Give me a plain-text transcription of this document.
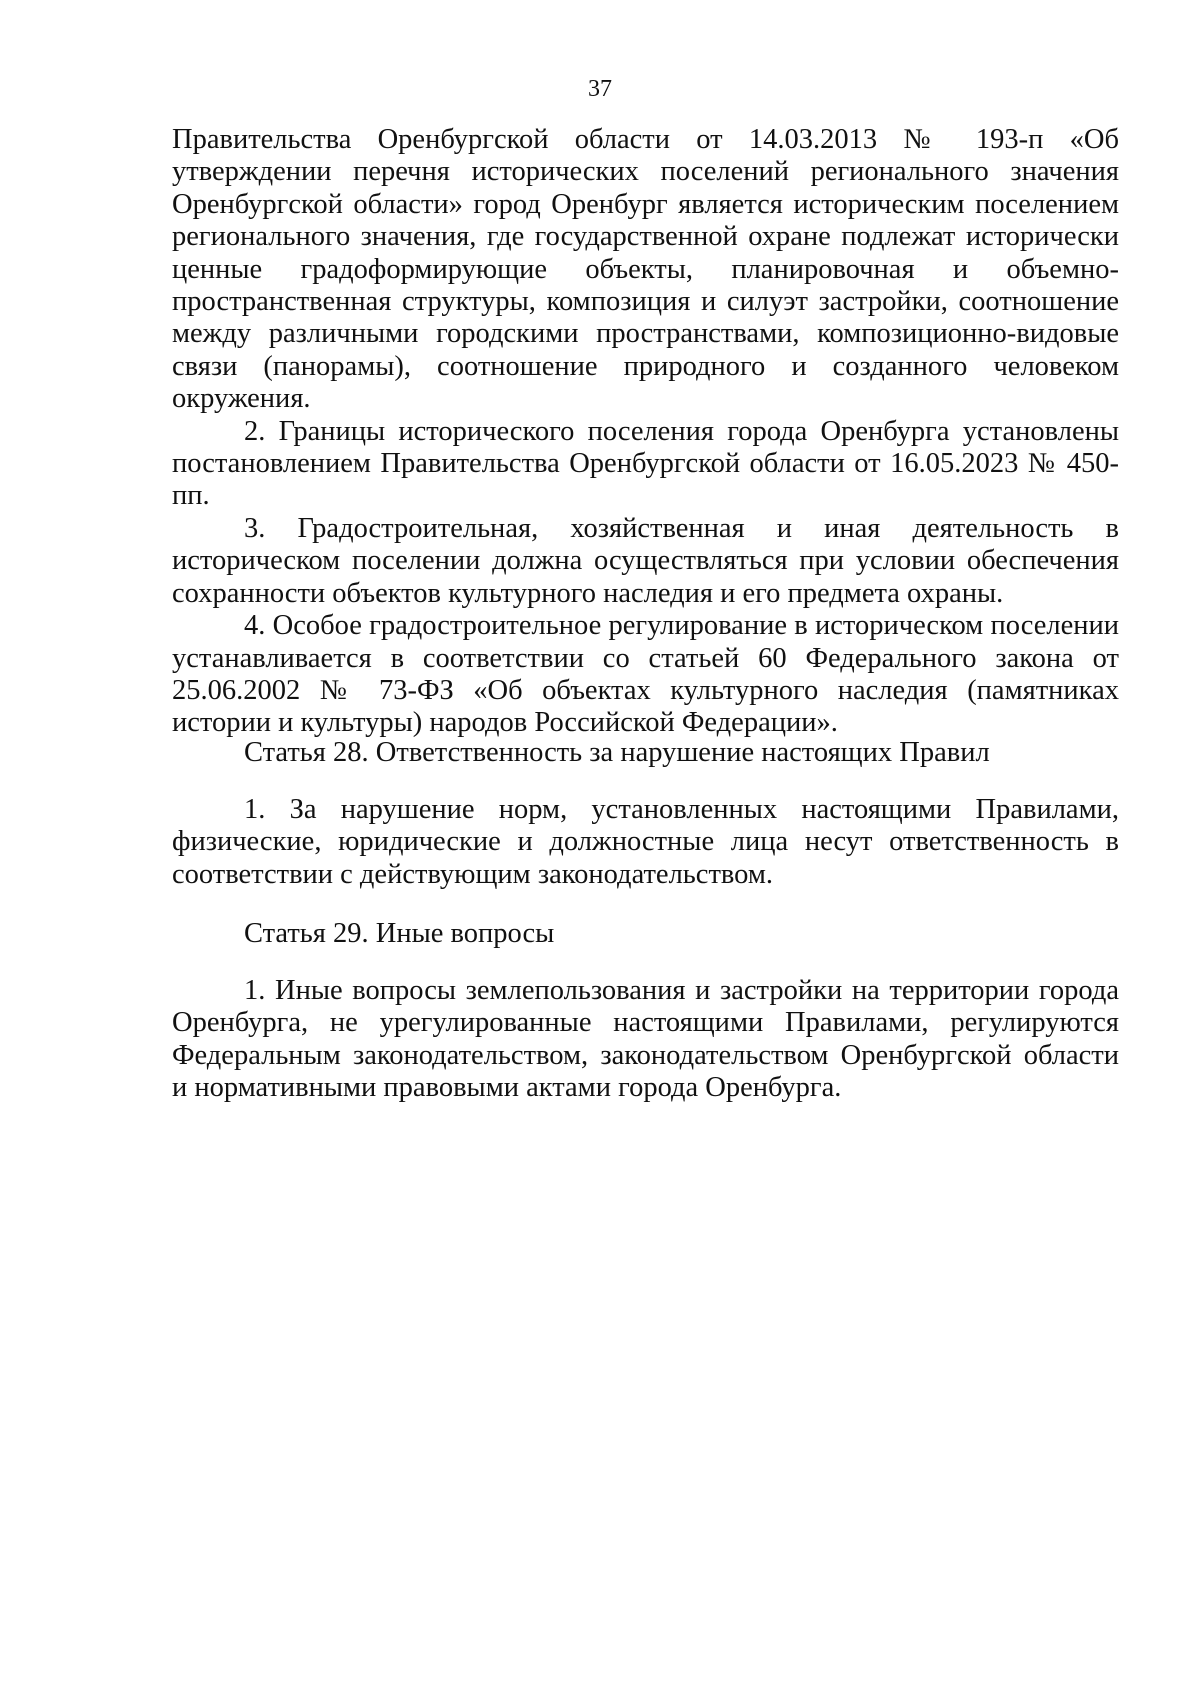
37

Правительства Оренбургской области от 14.03.2013 № 193-п «Об утверждении перечня исторических поселений регионального значения Оренбургской области» город Оренбург является историческим поселением регионального значения, где государственной охране подлежат исторически ценные градоформирующие объекты, планировочная и объемно-пространственная структуры, композиция и силуэт застройки, соотношение между различными городскими пространствами, композиционно-видовые связи (панорамы), соотношение природного и созданного человеком окружения.

2. Границы исторического поселения города Оренбурга установлены постановлением Правительства Оренбургской области от 16.05.2023 № 450-пп.

3. Градостроительная, хозяйственная и иная деятельность в историческом поселении должна осуществляться при условии обеспечения сохранности объектов культурного наследия и его предмета охраны.

4. Особое градостроительное регулирование в историческом поселении устанавливается в соответствии со статьей 60 Федерального закона от 25.06.2002 № 73-ФЗ «Об объектах культурного наследия (памятниках истории и культуры) народов Российской Федерации».

Статья 28. Ответственность за нарушение настоящих Правил

1. За нарушение норм, установленных настоящими Правилами, физические, юридические и должностные лица несут ответственность в соответствии с действующим законодательством.

Статья 29. Иные вопросы

1. Иные вопросы землепользования и застройки на территории города Оренбурга, не урегулированные настоящими Правилами, регулируются Федеральным законодательством, законодательством Оренбургской области и нормативными правовыми актами города Оренбурга.
